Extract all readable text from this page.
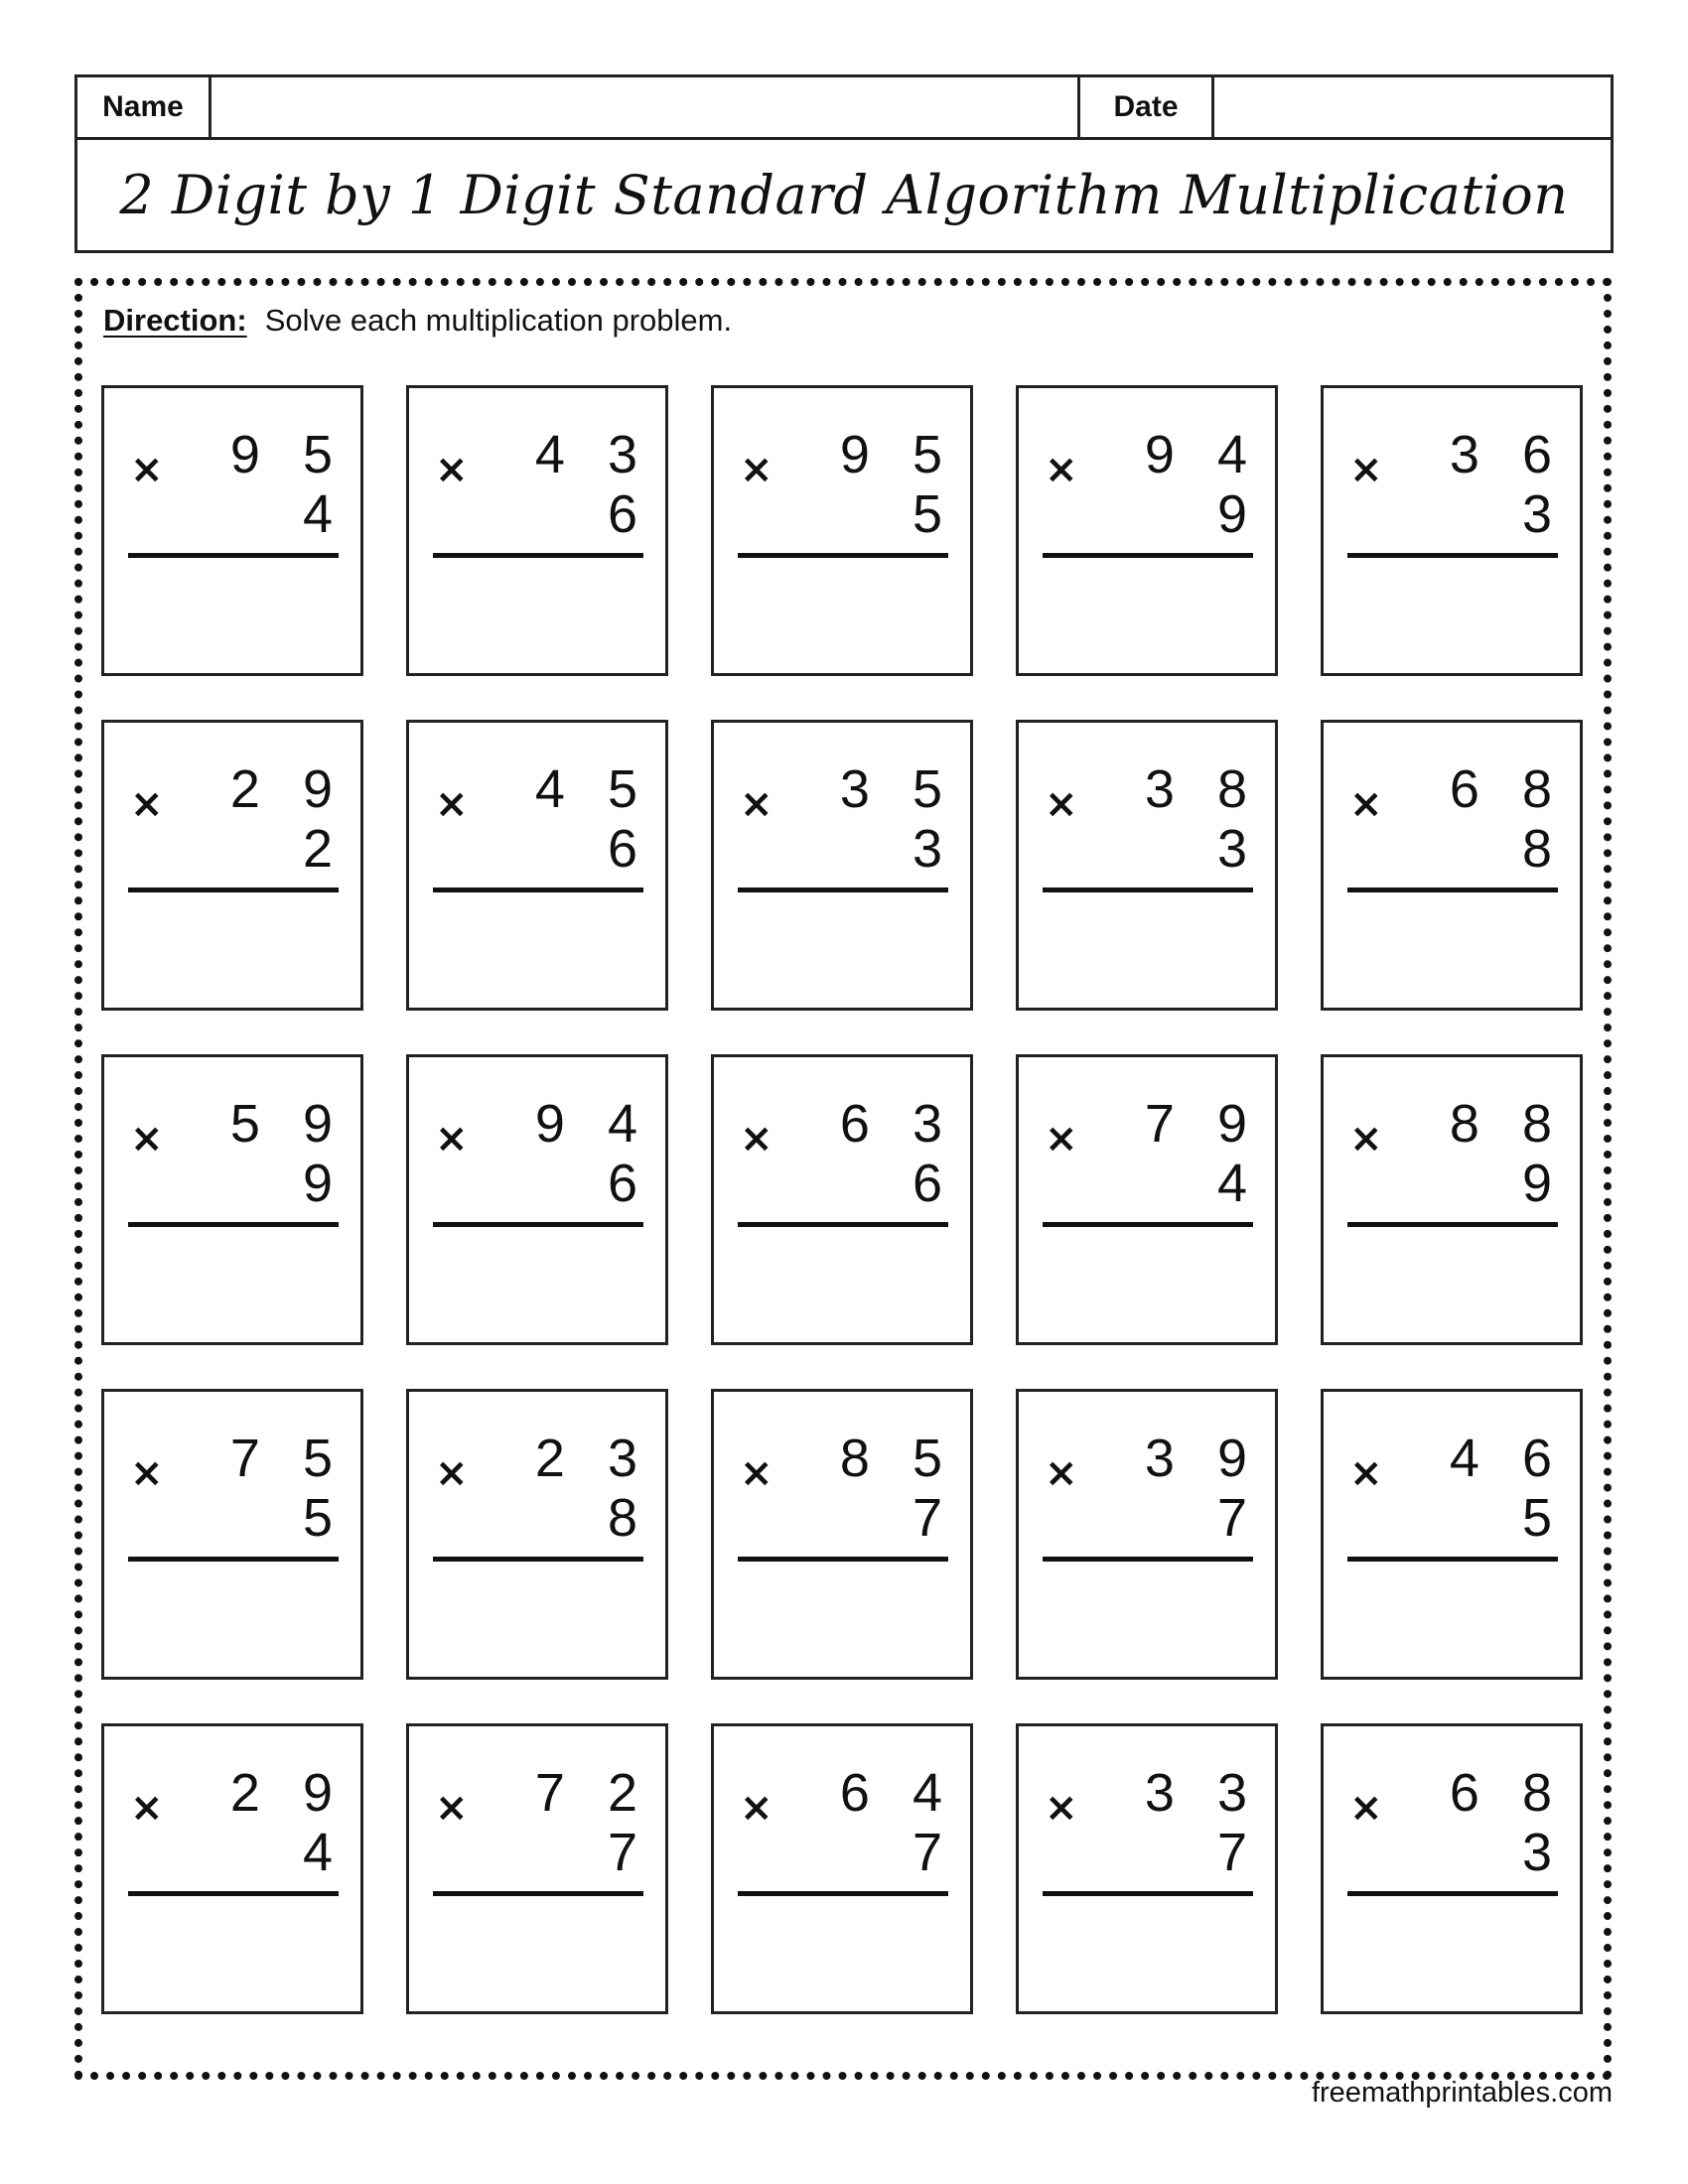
Name	Date
2 Digit by 1 Digit Standard Algorithm Multiplication
Direction: Solve each multiplication problem.
× 9 5
4
× 4 3
6
× 9 5
5
× 9 4
9
× 3 6
3
× 2 9
2
× 4 5
6
× 3 5
3
× 3 8
3
× 6 8
8
× 5 9
9
× 9 4
6
× 6 3
6
× 7 9
4
× 8 8
9
× 7 5
5
× 2 3
8
× 8 5
7
× 3 9
7
× 4 6
5
× 2 9
4
× 7 2
7
× 6 4
7
× 3 3
7
× 6 8
3
freemathprintables.com
